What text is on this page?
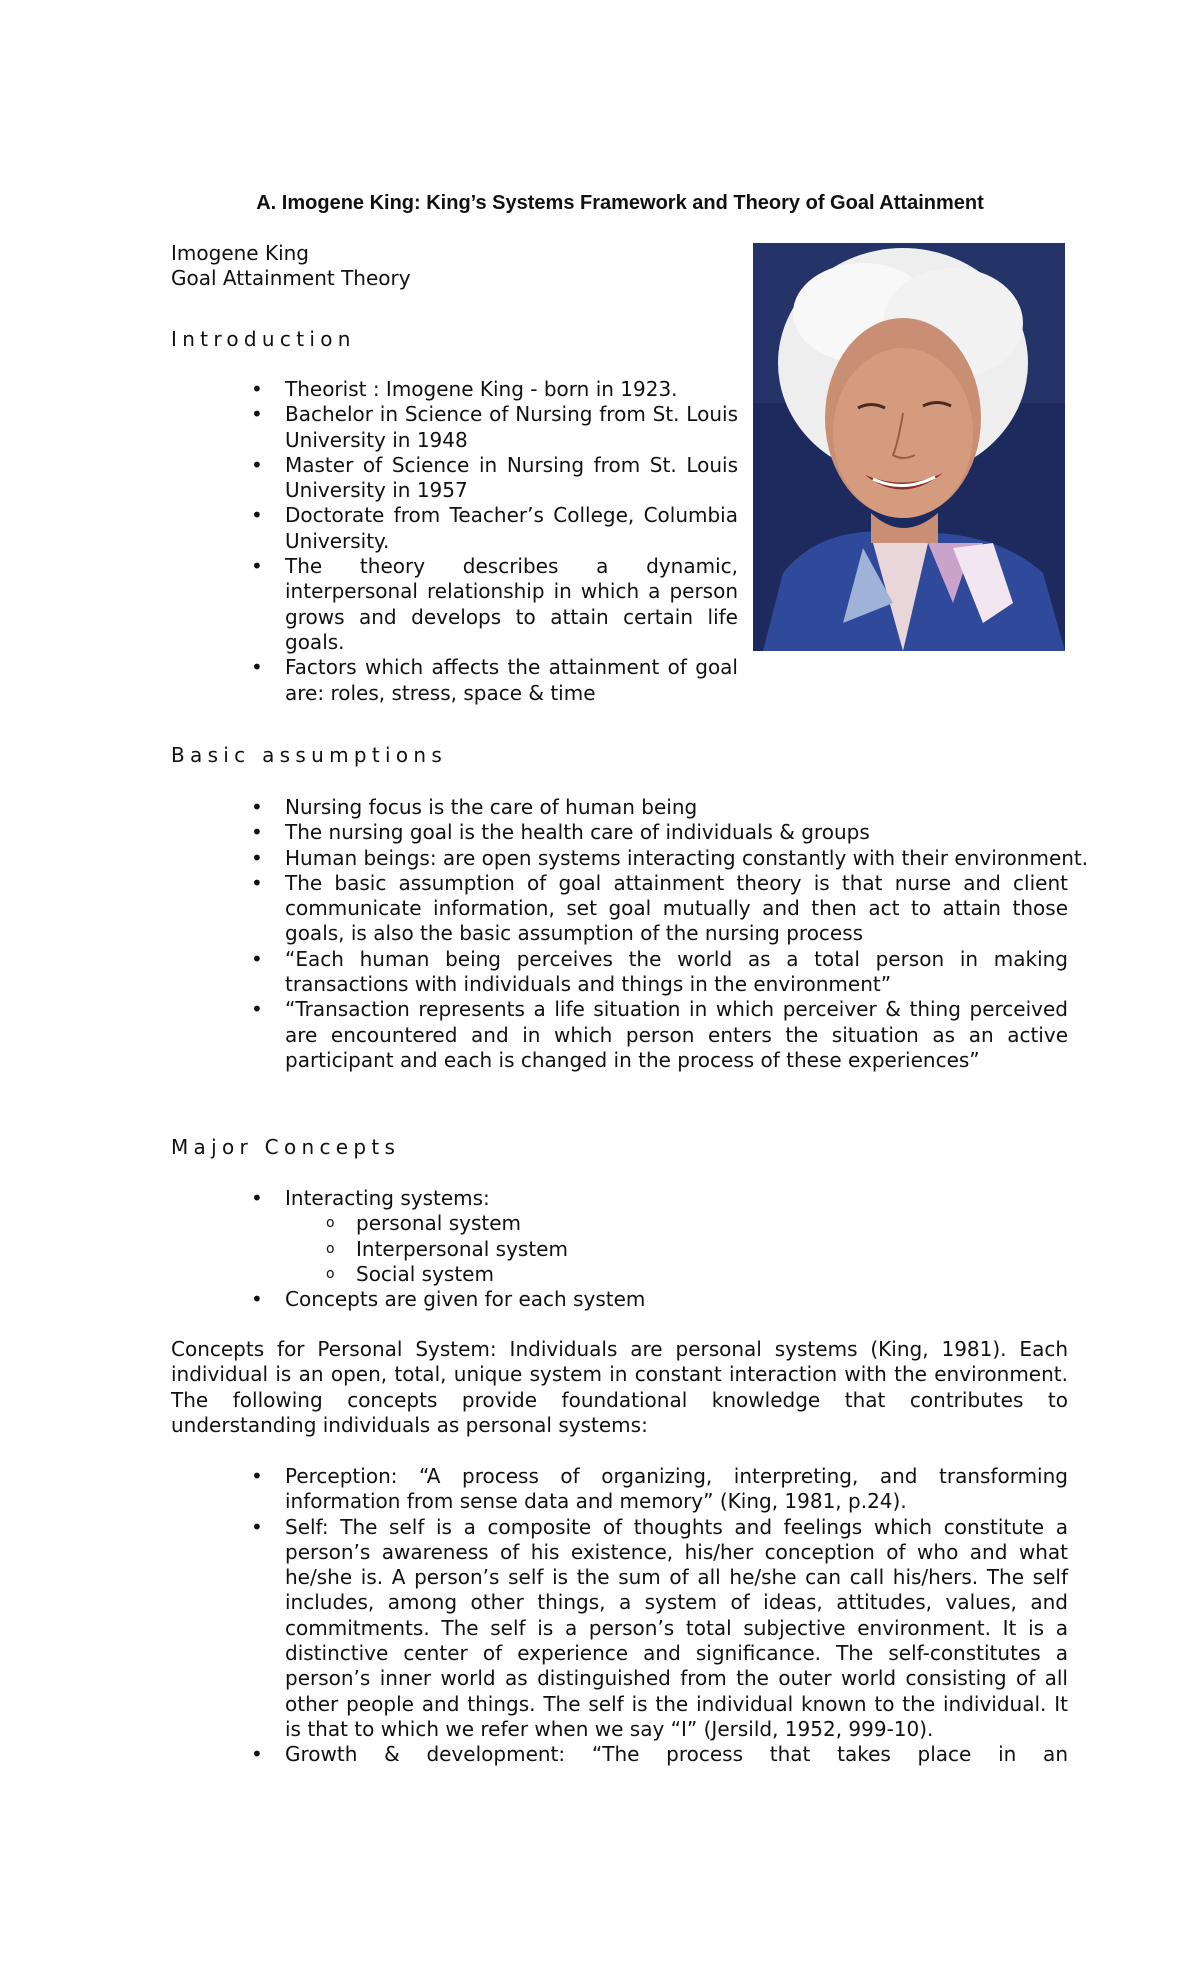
A. Imogene King: King’s Systems Framework and Theory of Goal Attainment

Imogene King

Goal Attainment Theory

Introduction

• Theorist : Imogene King - born in 1923.
• Bachelor in Science of Nursing from St. Louis University in 1948
• Master of Science in Nursing from St. Louis University in 1957
• Doctorate from Teacher’s College, Columbia University.
• The theory describes a dynamic, interpersonal relationship in which a person grows and develops to attain certain life goals.
• Factors which affects the attainment of goal are: roles, stress, space & time

Basic assumptions

• Nursing focus is the care of human being
• The nursing goal is the health care of individuals & groups
• Human beings: are open systems interacting constantly with their environment.
• The basic assumption of goal attainment theory is that nurse and client communicate information, set goal mutually and then act to attain those goals, is also the basic assumption of the nursing process
• “Each human being perceives the world as a total person in making transactions with individuals and things in the environment”
• “Transaction represents a life situation in which perceiver & thing perceived are encountered and in which person enters the situation as an active participant and each is changed in the process of these experiences”

Major Concepts

• Interacting systems:
o personal system
o Interpersonal system
o Social system
• Concepts are given for each system

Concepts for Personal System: Individuals are personal systems (King, 1981). Each individual is an open, total, unique system in constant interaction with the environment. The following concepts provide foundational knowledge that contributes to understanding individuals as personal systems:

• Perception: “A process of organizing, interpreting, and transforming information from sense data and memory” (King, 1981, p.24).
• Self: The self is a composite of thoughts and feelings which constitute a person’s awareness of his existence, his/her conception of who and what he/she is. A person’s self is the sum of all he/she can call his/hers. The self includes, among other things, a system of ideas, attitudes, values, and commitments. The self is a person’s total subjective environment. It is a distinctive center of experience and significance. The self-constitutes a person’s inner world as distinguished from the outer world consisting of all other people and things. The self is the individual known to the individual. It is that to which we refer when we say “I” (Jersild, 1952, 999-10).
• Growth & development: “The process that takes place in an
